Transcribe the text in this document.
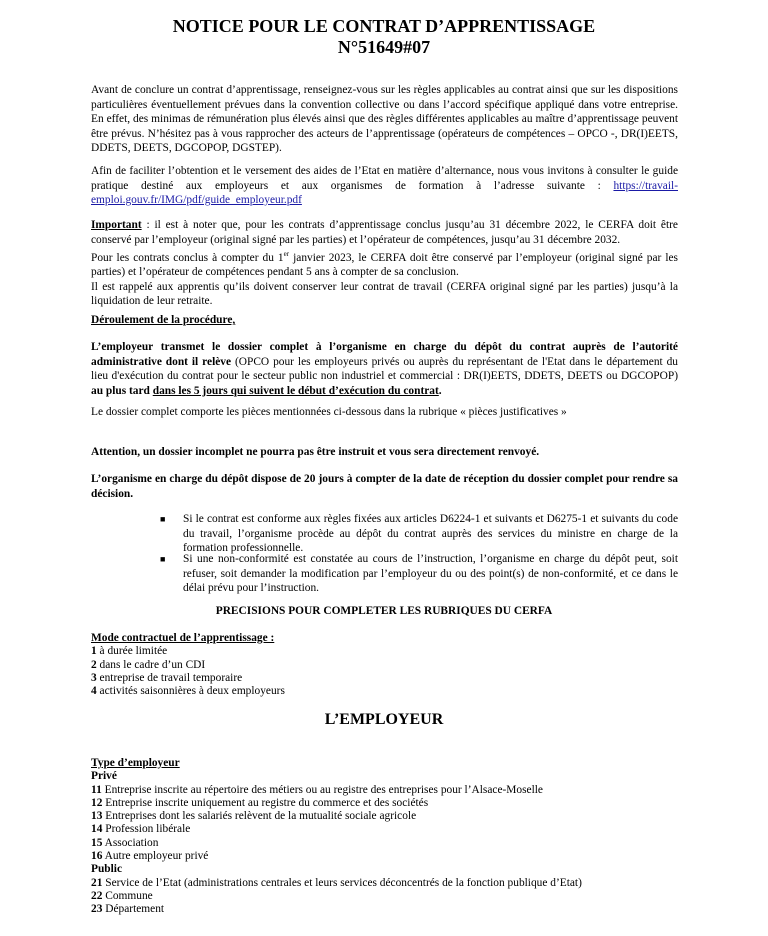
NOTICE POUR LE CONTRAT D’APPRENTISSAGE
N°51649#07
Avant de conclure un contrat d’apprentissage, renseignez-vous sur les règles applicables au contrat ainsi que sur les dispositions particulières éventuellement prévues dans la convention collective ou dans l’accord spécifique appliqué dans votre entreprise. En effet, des minimas de rémunération plus élevés ainsi que des règles différentes applicables au maître d’apprentissage peuvent être prévus. N’hésitez pas à vous rapprocher des acteurs de l’apprentissage (opérateurs de compétences – OPCO -, DR(I)EETS, DDETS, DEETS, DGCOPOP, DGSTEP).
Afin de faciliter l’obtention et le versement des aides de l’Etat en matière d’alternance, nous vous invitons à consulter le guide pratique destiné aux employeurs et aux organismes de formation à l’adresse suivante : https://travail-emploi.gouv.fr/IMG/pdf/guide_employeur.pdf
Important : il est à noter que, pour les contrats d’apprentissage conclus jusqu’au 31 décembre 2022, le CERFA doit être conservé par l’employeur (original signé par les parties) et l’opérateur de compétences, jusqu’au 31 décembre 2032.
Pour les contrats conclus à compter du 1er janvier 2023, le CERFA doit être conservé par l’employeur (original signé par les parties) et l’opérateur de compétences pendant 5 ans à compter de sa conclusion.
Il est rappelé aux apprentis qu’ils doivent conserver leur contrat de travail (CERFA original signé par les parties) jusqu’à la liquidation de leur retraite.
Déroulement de la procédure,
L’employeur transmet le dossier complet à l’organisme en charge du dépôt du contrat auprès de l’autorité administrative dont il relève (OPCO pour les employeurs privés ou auprès du représentant de l'Etat dans le département du lieu d'exécution du contrat pour le secteur public non industriel et commercial : DR(I)EETS, DDETS, DEETS ou DGCOPOP) au plus tard dans les 5 jours qui suivent le début d’exécution du contrat.
Le dossier complet comporte les pièces mentionnées ci-dessous dans la rubrique « pièces justificatives »
Attention, un dossier incomplet ne pourra pas être instruit et vous sera directement renvoyé.
L’organisme en charge du dépôt dispose de 20 jours à compter de la date de réception du dossier complet pour rendre sa décision.
■ Si le contrat est conforme aux règles fixées aux articles D6224-1 et suivants et D6275-1 et suivants du code du travail, l’organisme procède au dépôt du contrat auprès des services du ministre en charge de la formation professionnelle.
■ Si une non-conformité est constatée au cours de l’instruction, l’organisme en charge du dépôt peut, soit refuser, soit demander la modification par l’employeur du ou des point(s) de non-conformité, et ce dans le délai prévu pour l’instruction.
PRECISIONS POUR COMPLETER LES RUBRIQUES DU CERFA
Mode contractuel de l’apprentissage :
1 à durée limitée
2 dans le cadre d’un CDI
3 entreprise de travail temporaire
4 activités saisonnières à deux employeurs
L’EMPLOYEUR
Type d’employeur
Privé
11 Entreprise inscrite au répertoire des métiers ou au registre des entreprises pour l’Alsace-Moselle
12 Entreprise inscrite uniquement au registre du commerce et des sociétés
13 Entreprises dont les salariés relèvent de la mutualité sociale agricole
14 Profession libérale
15 Association
16 Autre employeur privé
Public
21 Service de l’Etat (administrations centrales et leurs services déconcentrés de la fonction publique d’Etat)
22 Commune
23 Département
